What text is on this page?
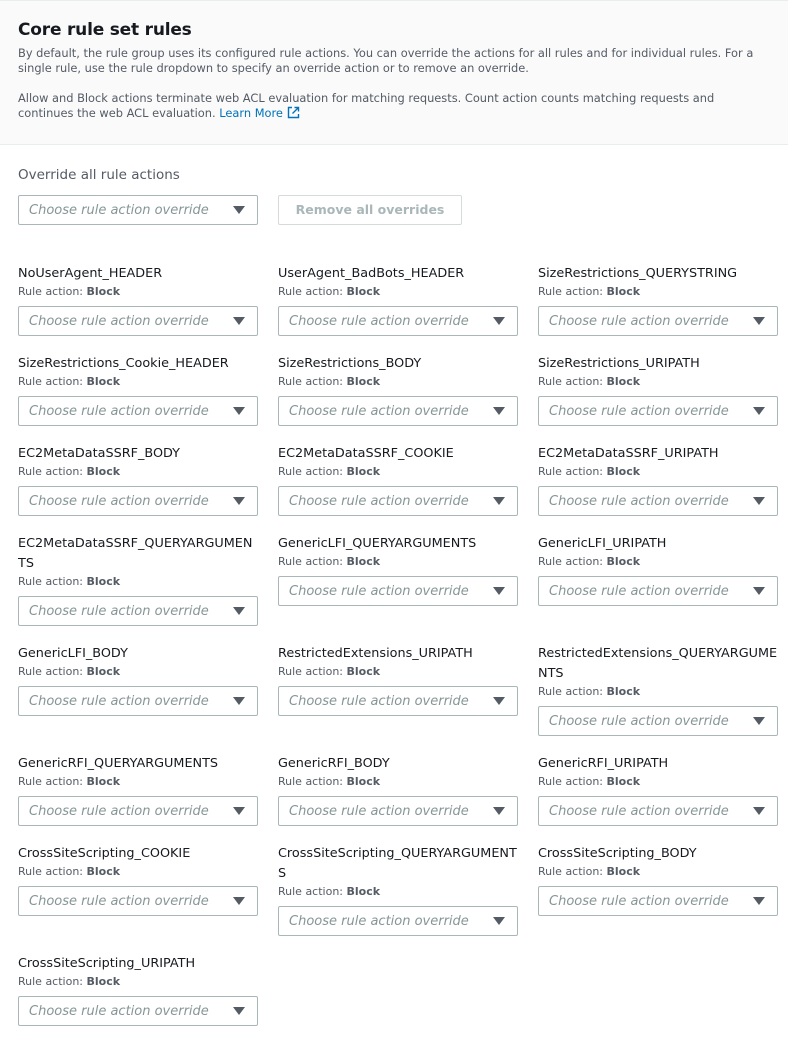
Core rule set rules
By default, the rule group uses its configured rule actions. You can override the actions for all rules and for individual rules. For a single rule, use the rule dropdown to specify an override action or to remove an override.
Allow and Block actions terminate web ACL evaluation for matching requests. Count action counts matching requests and continues the web ACL evaluation. Learn More
Override all rule actions
Choose rule action override	Remove all overrides
NoUserAgent_HEADER
Rule action: Block
Choose rule action override
UserAgent_BadBots_HEADER
Rule action: Block
Choose rule action override
SizeRestrictions_QUERYSTRING
Rule action: Block
Choose rule action override
SizeRestrictions_Cookie_HEADER
Rule action: Block
Choose rule action override
SizeRestrictions_BODY
Rule action: Block
Choose rule action override
SizeRestrictions_URIPATH
Rule action: Block
Choose rule action override
EC2MetaDataSSRF_BODY
Rule action: Block
Choose rule action override
EC2MetaDataSSRF_COOKIE
Rule action: Block
Choose rule action override
EC2MetaDataSSRF_URIPATH
Rule action: Block
Choose rule action override
EC2MetaDataSSRF_QUERYARGUMENTS
Rule action: Block
Choose rule action override
GenericLFI_QUERYARGUMENTS
Rule action: Block
Choose rule action override
GenericLFI_URIPATH
Rule action: Block
Choose rule action override
GenericLFI_BODY
Rule action: Block
Choose rule action override
RestrictedExtensions_URIPATH
Rule action: Block
Choose rule action override
RestrictedExtensions_QUERYARGUMENTS
Rule action: Block
Choose rule action override
GenericRFI_QUERYARGUMENTS
Rule action: Block
Choose rule action override
GenericRFI_BODY
Rule action: Block
Choose rule action override
GenericRFI_URIPATH
Rule action: Block
Choose rule action override
CrossSiteScripting_COOKIE
Rule action: Block
Choose rule action override
CrossSiteScripting_QUERYARGUMENTS
Rule action: Block
Choose rule action override
CrossSiteScripting_BODY
Rule action: Block
Choose rule action override
CrossSiteScripting_URIPATH
Rule action: Block
Choose rule action override
